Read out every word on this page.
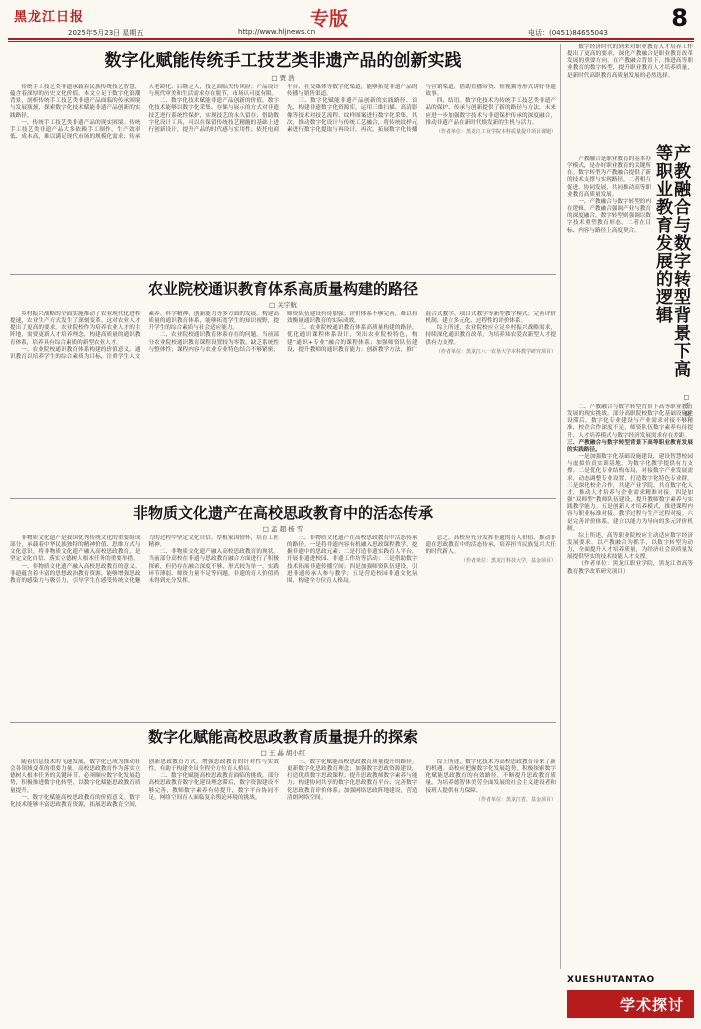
黑龙江日报
2025年5月23日 星期五	http://www.hljnews.cn
专版
电话：(0451)84655043
8
数字化赋能传统手工技艺类非遗产品的创新实践
□ 贾 浩

传统手工技艺类非遗承载着民族传统技艺智慧，蕴含着深厚的历史文化价值。本文立足于数字化浪潮背景，剖析传统手工技艺类非遗产品面临的传承困境与发展瓶颈，探索数字化技术赋能非遗产品创新的实践路径。

一、传统手工技艺类非遗产品的现实困境。传统手工技艺类非遗产品大多依赖手工制作，生产效率低、成本高，难以满足现代市场的规模化需求；传承人老龄化、后继乏人，技艺面临失传风险；产品设计与现代审美和生活需求存在脱节，市场认可度有限。

二、数字化技术赋能非遗产品创新的价值。数字化技术能够以数字化采集、存储与展示的方式对非遗技艺进行系统性保护，实现技艺的永久留存；借助数字化设计工具，可以在保留传统技艺精髓的基础上进行创新设计，提升产品的时代感与实用性；依托电商平台、社交媒体等数字化渠道，能够拓宽非遗产品的传播与销售渠道。

三、数字化赋能非遗产品创新的实践路径。首先，构建非遗数字化资源库，运用三维扫描、高清影像等技术对技艺流程、纹样图案进行数字化采集。其次，推动数字化设计与传统工艺融合，将传统纹样元素进行数字化提取与再设计。再次，拓展数字化传播与营销渠道，借助直播带货、短视频等形式讲好非遗故事。

四、结语。数字化技术为传统手工技艺类非遗产品的保护、传承与创新提供了新的路径与方法。未来应进一步加强数字技术与非遗保护传承的深度融合，推动非遗产品在新时代焕发新的生机与活力。

（作者单位：黑龙江工业学院本科质量提升项目课题）
农业院校通识教育体系高质量构建的路径
□ 关宇航

乡村振兴战略的全面实施推动了农业现代化进程提速，农业生产方式发生了深刻变革。这对农业人才提出了更高的要求。农业院校作为培养农业人才的主阵地，需要更新人才培养理念，构建高质量的通识教育体系，培养具有综合素质的新型农业人才。

一、农业院校通识教育体系构建的价值意义。通识教育以培养学生的综合素质为目标，注重学生人文素养、科学精神、创新能力等多方面的发展。构建高质量的通识教育体系，能够拓宽学生的知识视野，提升学生的综合素质与社会适应能力。

二、农业院校通识教育体系存在的问题。当前部分农业院校通识教育课程设置较为零散，缺乏系统性与整体性；课程内容与农业专业特色结合不够紧密；师资队伍建设有待加强；评价体系不够完善，难以有效衡量通识教育的实际成效。

三、农业院校通识教育体系高质量构建的路径。优化通识课程体系设计，突出农业院校特色，构建“通识+专业”融合的课程体系；加强师资队伍建设，提升教师的通识教育能力；创新教学方法，推广混合式教学、项目式教学等新型教学模式；完善评价机制，建立多元化、过程性的评价体系。

综上所述，农业院校应立足乡村振兴战略需求，持续深化通识教育改革，为培养知农爱农新型人才提供有力支撑。

（作者单位：黑龙江八一农垦大学本科教学研究项目）
非物质文化遗产在高校思政教育中的活态传承
□ 孟 超 杨 雪

非物质文化遗产是我国优秀传统文化的重要组成部分，承载着中华民族独特的精神价值、思维方式与文化意识。将非物质文化遗产融入高校思政教育，是坚定文化自信、落实立德树人根本任务的重要举措。

一、非物质文化遗产融入高校思政教育的意义。非遗蕴含着丰富的思想政治教育资源，能够增强思政教育的感染力与吸引力，引导学生在感受传统文化魅力的过程中坚定文化自信，厚植家国情怀，培育工匠精神。

二、非物质文化遗产融入高校思政教育的现状。当前部分高校在非遗与思政教育融合方面进行了积极探索，但仍存在融合深度不够、形式较为单一、实践环节薄弱、师资力量不足等问题，非遗的育人价值尚未得到充分发挥。

三、非物质文化遗产在高校思政教育中活态传承的路径。一是将非遗内容有机融入思政课程教学，挖掘非遗中的思政元素；二是打造非遗实践育人平台，开展非遗进校园、非遗工作坊等活动；三是借助数字技术拓展非遗传播空间；四是加强师资队伍建设，引进非遗传承人参与教学；五是营造校园非遗文化氛围，构建全方位育人格局。

总之，高校应充分发挥非遗的育人价值，推动非遗在思政教育中的活态传承，培养担当民族复兴大任的时代新人。

（作者单位：黑龙江科技大学，基金项目）
数字化赋能高校思政教育质量提升的探索
□ 王 晶 胡小红

随着信息技术的飞速发展，数字化已成为推动社会各领域变革的重要力量。高校思政教育作为落实立德树人根本任务的关键环节，必须顺应数字化发展趋势，积极推进数字化转型，以数字化赋能思政教育质量提升。

一、数字化赋能高校思政教育的价值意义。数字化技术能够丰富思政教育资源，拓展思政教育空间，创新思政教育方式，增强思政教育的针对性与实效性，有助于构建全员全程全方位育人格局。

二、数字化赋能高校思政教育面临的挑战。部分高校思政教育数字化建设理念滞后，数字资源建设不够完善，教师数字素养有待提升，数字平台协同不足，网络空间育人面临复杂舆论环境的挑战。

三、数字化赋能高校思政教育质量提升的路径。更新数字化思政教育理念；加强数字思政资源建设，打造优质数字思政课程；提升思政教师数字素养与能力；构建协同共享的数字化思政教育平台；完善数字化思政教育评价体系；加强网络思政阵地建设，营造清朗网络空间。

综上所述，数字化技术为高校思政教育带来了新的机遇。高校应把握数字化发展趋势，积极探索数字化赋能思政教育的有效路径，不断提升思政教育质量，为培养德智体美劳全面发展的社会主义建设者和接班人提供有力保障。

（作者单位：黑龙江省，基金项目）

数字经济时代的到来对职业教育人才培养工作提出了更高的要求，深化产教融合是职业教育改革发展的重要方向。在产教融合背景下，推进高等职业教育的数字转型，提升职业教育人才培养质量，是新时代高职教育高质量发展的必然选择。

产教融合是职业教育的基本办学模式，是办好职业教育的关键所在。数字转型为产教融合提供了新的技术支撑与实现路径，二者相互促进、协同发展，共同推动高等职业教育高质量发展。

一、产教融合与数字转型的内在逻辑。产教融合强调产业与教育的深度融合，数字转型则强调以数字技术重塑教育形态，二者在目标、内容与路径上高度契合。	产教融合与数字转型背景下高等职业教育发展的逻辑
□ 王 晓

二、产教融合与数字转型背景下高等职业教育发展的现实挑战。部分高职院校数字化基础设施建设滞后，数字化专业建设与产业需求对接不够精准，校企合作深度不足，师资队伍数字素养有待提升，人才培养模式与数字经济发展需求存在差距。

三、产教融合与数字转型背景下高等职业教育发展的实践路径。

一是加强数字化基础设施建设，建设智慧校园与虚拟仿真实训基地，为数字化教学提供有力支撑。二是优化专业结构布局，对接数字产业发展需求，动态调整专业设置，打造数字化特色专业群。三是深化校企合作，共建产业学院、共育数字化人才，推动人才培养与企业需求精准对接。四是加强“双师型”教师队伍建设，提升教师数字素养与实践教学能力。五是创新人才培养模式，推进课程内容与职业标准对接、教学过程与生产过程对接。六是完善评价体系，建立以能力为导向的多元评价机制。

综上所述，高等职业院校应主动适应数字经济发展要求，以产教融合为抓手，以数字转型为动力，全面提升人才培养质量，为经济社会高质量发展提供坚实的技术技能人才支撑。

（作者单位：黑龙江职业学院，黑龙江省高等教育教学改革研究项目）

XUESHUTANTAO
学术探讨
